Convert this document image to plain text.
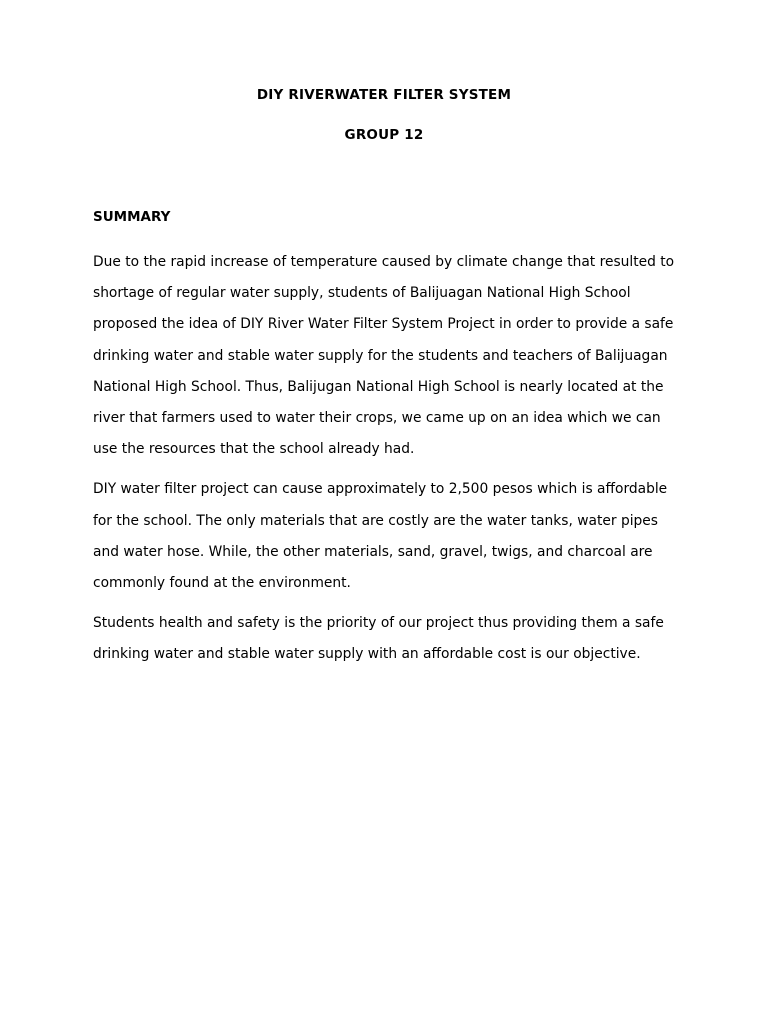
DIY RIVERWATER FILTER SYSTEM
GROUP 12
SUMMARY

Due to the rapid increase of temperature caused by climate change that resulted to shortage of regular water supply, students of Balijuagan National High School proposed the idea of DIY River Water Filter System Project in order to provide a safe drinking water and stable water supply for the students and teachers of Balijuagan National High School. Thus, Balijugan National High School is nearly located at the river that farmers used to water their crops, we came up on an idea which we can use the resources that the school already had.

DIY water filter project can cause approximately to 2,500 pesos which is affordable for the school. The only materials that are costly are the water tanks, water pipes and water hose. While, the other materials, sand, gravel, twigs, and charcoal are commonly found at the environment.

Students health and safety is the priority of our project thus providing them a safe drinking water and stable water supply with an affordable cost is our objective.
